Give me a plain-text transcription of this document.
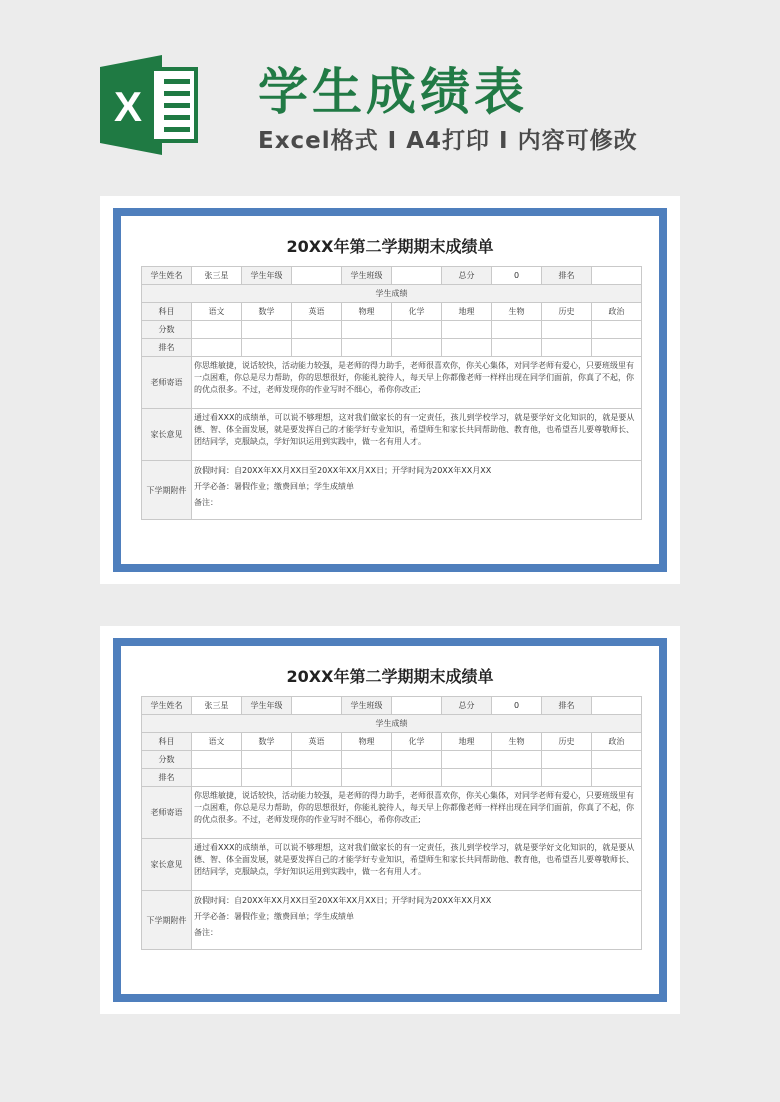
X 学生成绩表
Excel格式 I A4打印 I 内容可修改
20XX年第二学期期末成绩单
学生姓名	张三星	学生年级		学生班级		总分	0	排名	
学生成绩									
科目	语文	数学	英语	物理	化学	地理	生物	历史	政治
分数									
排名									
老师寄语	你思维敏捷，说话较快，活动能力较强，是老师的得力助手，老师很喜欢你，你关心集体，对同学老师有爱心，只要班级里有一点困难，你总是尽力帮助，你的思想很好，你能礼貌待人，每天早上你都像老师一样样出现在同学们面前，你真了不起，你的优点很多。不过，老师发现你的作业写时不细心，希你你改正;								
家长意见	通过看XXX的成绩单，可以说不够理想，这对我们做家长的有一定责任，孩儿到学校学习，就是要学好文化知识的，就是要从德、智、体全面发展，就是要发挥自己的才能学好专业知识，希望师生和家长共同帮助他、教育他，也希望吾儿要尊敬师长、团结同学，克服缺点，学好知识运用到实践中，做一名有用人才。								
下学期附件	放假时间：自20XX年XX月XX日至20XX年XX月XX日；开学时间为20XX年XX月XX
开学必备：暑假作业；缴费回单；学生成绩单
备注：								
20XX年第二学期期末成绩单
学生姓名	张三星	学生年级		学生班级		总分	0	排名	
学生成绩									
科目	语文	数学	英语	物理	化学	地理	生物	历史	政治
分数									
排名									
老师寄语	你思维敏捷，说话较快，活动能力较强，是老师的得力助手，老师很喜欢你，你关心集体，对同学老师有爱心，只要班级里有一点困难，你总是尽力帮助，你的思想很好，你能礼貌待人，每天早上你都像老师一样样出现在同学们面前，你真了不起，你的优点很多。不过，老师发现你的作业写时不细心，希你你改正;								
家长意见	通过看XXX的成绩单，可以说不够理想，这对我们做家长的有一定责任，孩儿到学校学习，就是要学好文化知识的，就是要从德、智、体全面发展，就是要发挥自己的才能学好专业知识，希望师生和家长共同帮助他、教育他，也希望吾儿要尊敬师长、团结同学，克服缺点，学好知识运用到实践中，做一名有用人才。								
下学期附件	放假时间：自20XX年XX月XX日至20XX年XX月XX日；开学时间为20XX年XX月XX
开学必备：暑假作业；缴费回单；学生成绩单
备注：								
